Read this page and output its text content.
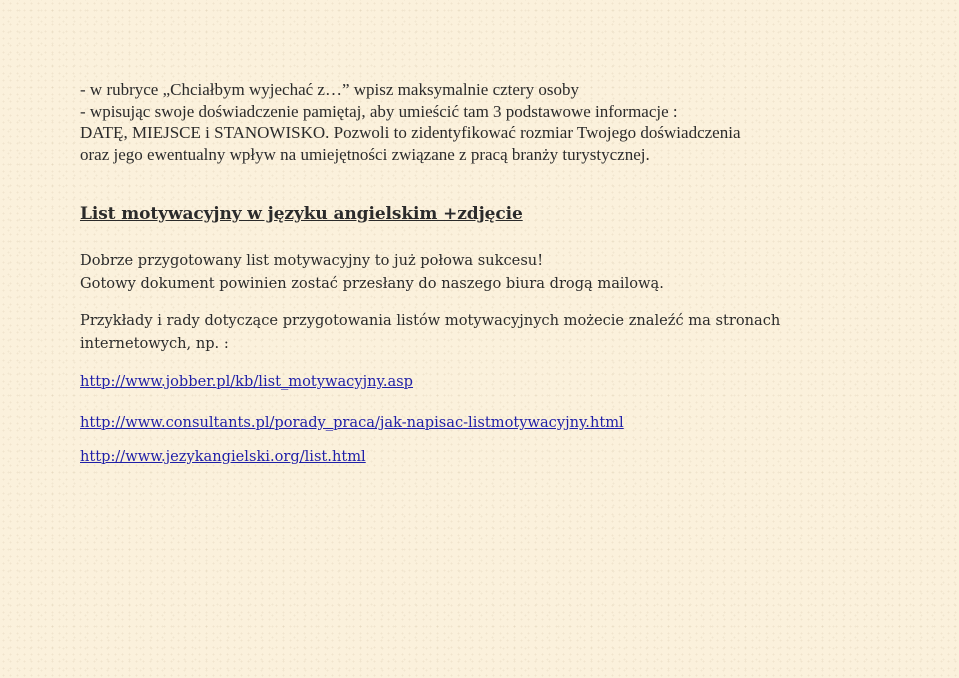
- w rubryce „Chciałbym wyjechać z…” wpisz maksymalnie cztery osoby
- wpisując swoje doświadczenie pamiętaj, aby umieścić tam 3 podstawowe informacje :
DATĘ, MIEJSCE i STANOWISKO. Pozwoli to zidentyfikować rozmiar Twojego doświadczenia
oraz jego ewentualny wpływ na umiejętności związane z pracą branży turystycznej.
List motywacyjny w języku angielskim +zdjęcie
Dobrze przygotowany list motywacyjny to już połowa sukcesu!
Gotowy dokument powinien zostać przesłany do naszego biura drogą mailową.
Przykłady i rady dotyczące przygotowania listów motywacyjnych możecie znaleźć ma stronach
internetowych, np. :
http://www.jobber.pl/kb/list_motywacyjny.asp
http://www.consultants.pl/porady_praca/jak-napisac-listmotywacyjny.html
http://www.jezykangielski.org/list.html
